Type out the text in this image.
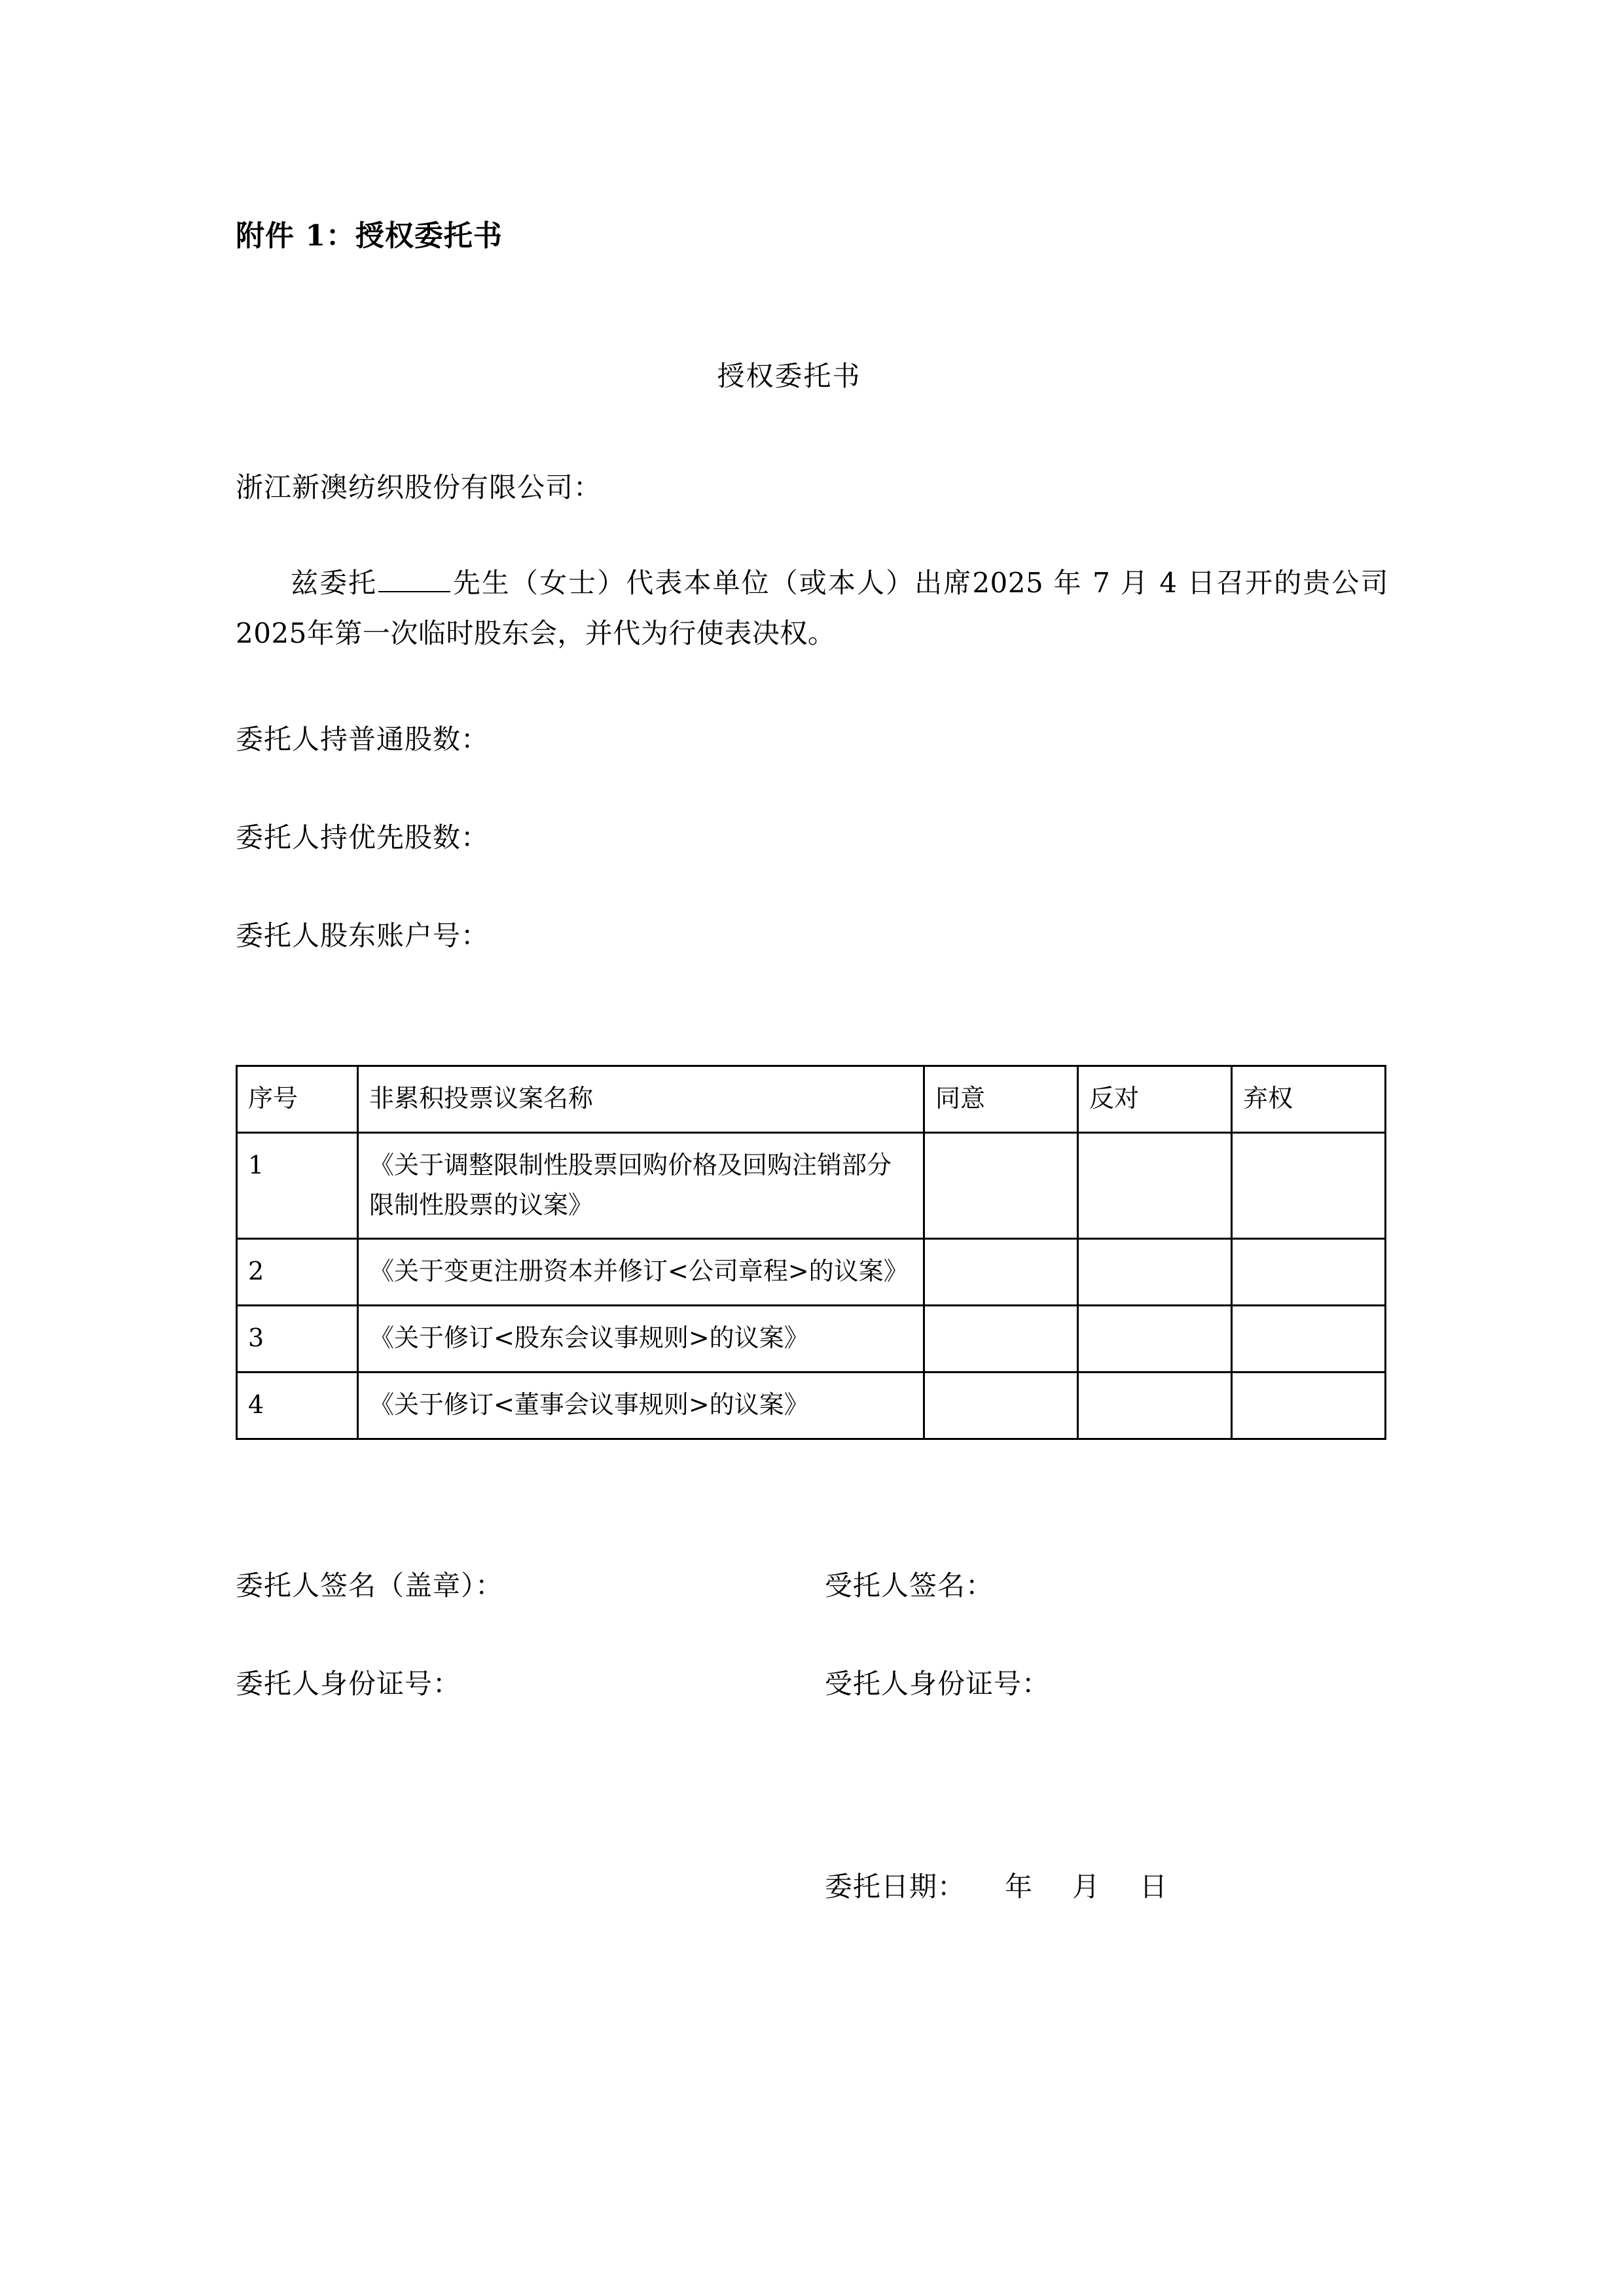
附件 1：授权委托书
授权委托书
浙江新澳纺织股份有限公司：
兹委托	先生（女士）代表本单位（或本人）出席2025 年 7 月 4 日召开的贵公司2025年第一次临时股东会，并代为行使表决权。
委托人持普通股数：
委托人持优先股数：
委托人股东账户号：
序号	非累积投票议案名称	同意	反对	弃权
1	《关于调整限制性股票回购价格及回购注销部分限制性股票的议案》			
2	《关于变更注册资本并修订<公司章程>的议案》			
3	《关于修订<股东会议事规则>的议案》			
4	《关于修订<董事会议事规则>的议案》			
委托人签名（盖章）：	受托人签名：
委托人身份证号：	受托人身份证号：
委托日期： 年 月 日
